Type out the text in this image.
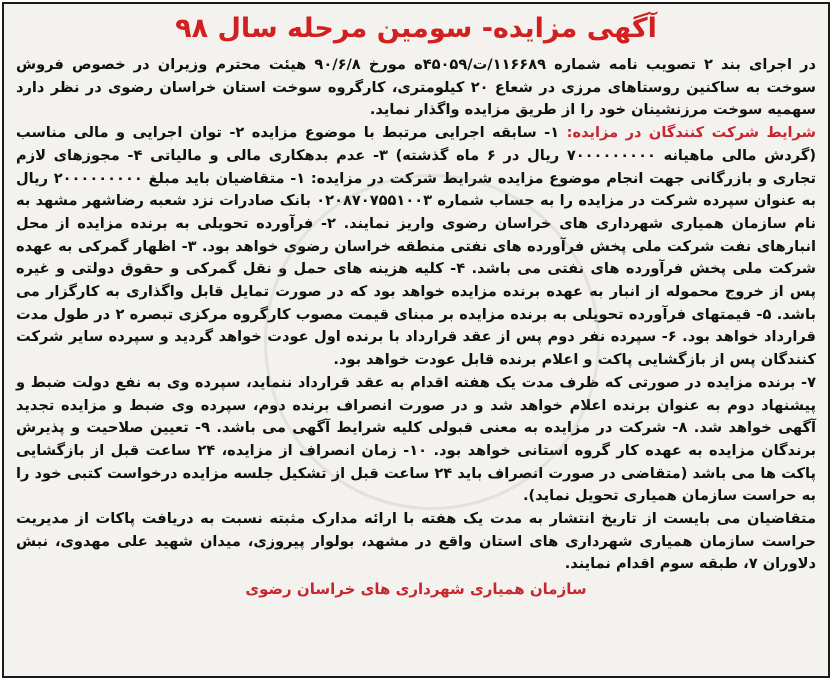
آگهی مزایده- سومین مرحله سال ۹۸

در اجرای بند ۲ تصویب نامه شماره ۱۱۶۶۸۹/ت/۴۵۰۵۹ه مورخ ۹۰/۶/۸ هیئت محترم وزیران در خصوص فروش سوخت به ساکنین روستاهای مرزی در شعاع ۲۰ کیلومتری، کارگروه سوخت استان خراسان رضوی در نظر دارد سهمیه سوخت مرزنشینان خود را از طریق مزایده واگذار نماید.

شرایط شرکت کنندگان در مزایده: ۱- سابقه اجرایی مرتبط با موضوع مزایده ۲- توان اجرایی و مالی مناسب (گردش مالی ماهیانه ۷۰۰۰۰۰۰۰۰۰ ریال در ۶ ماه گذشته) ۳- عدم بدهکاری مالی و مالیاتی ۴- مجوزهای لازم تجاری و بازرگانی جهت انجام موضوع مزایده شرایط شرکت در مزایده: ۱- متقاضیان باید مبلغ ۲۰۰۰۰۰۰۰۰۰ ریال به عنوان سپرده شرکت در مزایده را به حساب شماره ۰۲۰۸۷۰۷۵۵۱۰۰۳ بانک صادرات نزد شعبه رضاشهر مشهد به نام سازمان همیاری شهرداری های خراسان رضوی واریز نمایند. ۲- فرآورده تحویلی به برنده مزایده از محل انبارهای نفت شرکت ملی پخش فرآورده های نفتی منطقه خراسان رضوی خواهد بود. ۳- اظهار گمرکی به عهده شرکت ملی پخش فرآورده های نفتی می باشد. ۴- کلیه هزینه های حمل و نقل گمرکی و حقوق دولتی و غیره پس از خروج محموله از انبار به عهده برنده مزایده خواهد بود که در صورت تمایل قابل واگذاری به کارگزار می باشد. ۵- قیمتهای فرآورده تحویلی به برنده مزایده بر مبنای قیمت مصوب کارگروه مرکزی تبصره ۲ در طول مدت قرارداد خواهد بود. ۶- سپرده نفر دوم پس از عقد قرارداد با برنده اول عودت خواهد گردید و سپرده سایر شرکت کنندگان پس از بازگشایی پاکت و اعلام برنده قابل عودت خواهد بود.

۷- برنده مزایده در صورتی که ظرف مدت یک هفته اقدام به عقد قرارداد ننماید، سپرده وی به نفع دولت ضبط و پیشنهاد دوم به عنوان برنده اعلام خواهد شد و در صورت انصراف برنده دوم، سپرده وی ضبط و مزایده تجدید آگهی خواهد شد. ۸- شرکت در مزایده به معنی قبولی کلیه شرایط آگهی می باشد. ۹- تعیین صلاحیت و پذیرش برندگان مزایده به عهده کار گروه استانی خواهد بود. ۱۰- زمان انصراف از مزایده، ۲۴ ساعت قبل از بازگشایی پاکت ها می باشد (متقاضی در صورت انصراف باید ۲۴ ساعت قبل از تشکیل جلسه مزایده درخواست کتبی خود را به حراست سازمان همیاری تحویل نماید).

متقاضیان می بایست از تاریخ انتشار به مدت یک هفته با ارائه مدارک مثبته نسبت به دریافت پاکات از مدیریت حراست سازمان همیاری شهرداری های استان واقع در مشهد، بولوار پیروزی، میدان شهید علی مهدوی، نبش دلاوران ۷، طبقه سوم اقدام نمایند.

سازمان همیاری شهرداری های خراسان رضوی
